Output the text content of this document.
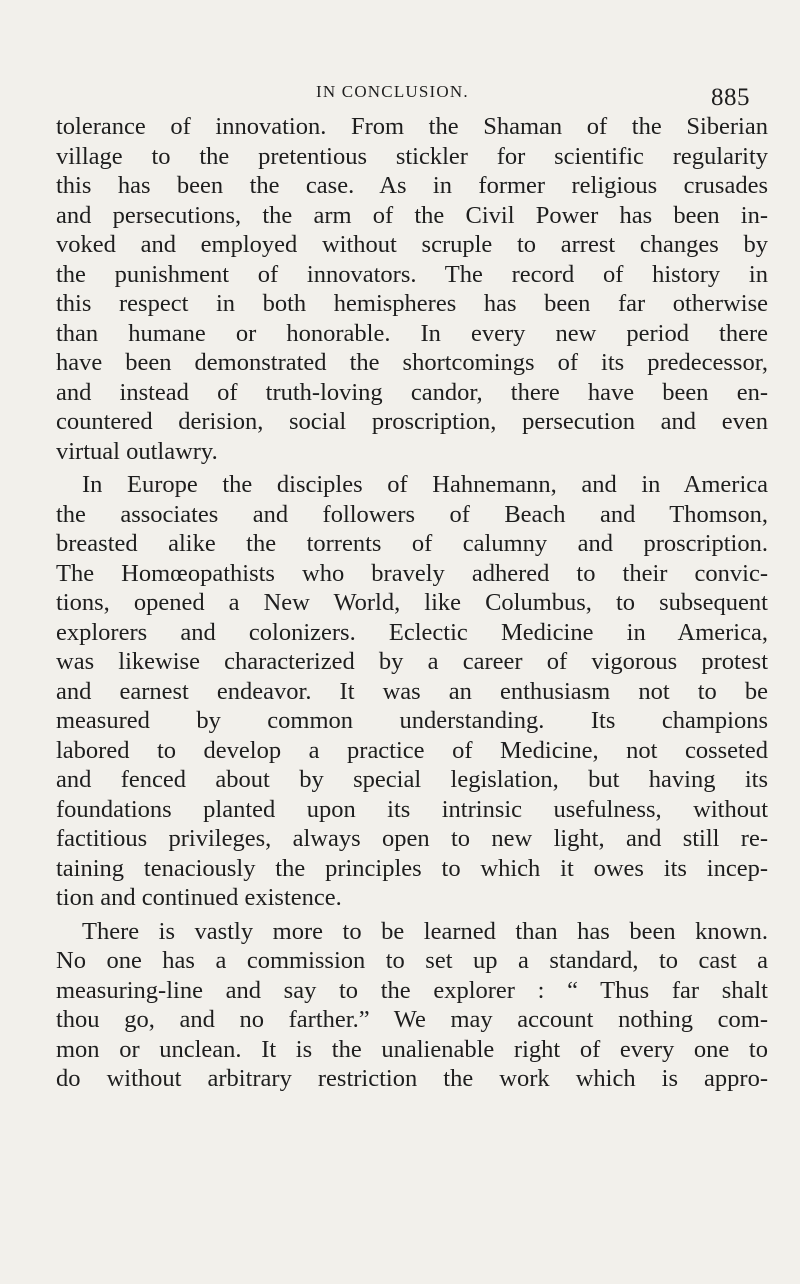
IN CONCLUSION.	885
tolerance of innovation. From the Shaman of the Siberian
village to the pretentious stickler for scientific regularity
this has been the case. As in former religious crusades
and persecutions, the arm of the Civil Power has been in-
voked and employed without scruple to arrest changes by
the punishment of innovators. The record of history in
this respect in both hemispheres has been far otherwise
than humane or honorable. In every new period there
have been demonstrated the shortcomings of its predecessor,
and instead of truth-loving candor, there have been en-
countered derision, social proscription, persecution and even
virtual outlawry.
In Europe the disciples of Hahnemann, and in America
the associates and followers of Beach and Thomson,
breasted alike the torrents of calumny and proscription.
The Homœopathists who bravely adhered to their convic-
tions, opened a New World, like Columbus, to subsequent
explorers and colonizers. Eclectic Medicine in America,
was likewise characterized by a career of vigorous protest
and earnest endeavor. It was an enthusiasm not to be
measured by common understanding. Its champions
labored to develop a practice of Medicine, not cosseted
and fenced about by special legislation, but having its
foundations planted upon its intrinsic usefulness, without
factitious privileges, always open to new light, and still re-
taining tenaciously the principles to which it owes its incep-
tion and continued existence.
There is vastly more to be learned than has been known.
No one has a commission to set up a standard, to cast a
measuring-line and say to the explorer : “ Thus far shalt
thou go, and no farther.” We may account nothing com-
mon or unclean. It is the unalienable right of every one to
do without arbitrary restriction the work which is appro-
